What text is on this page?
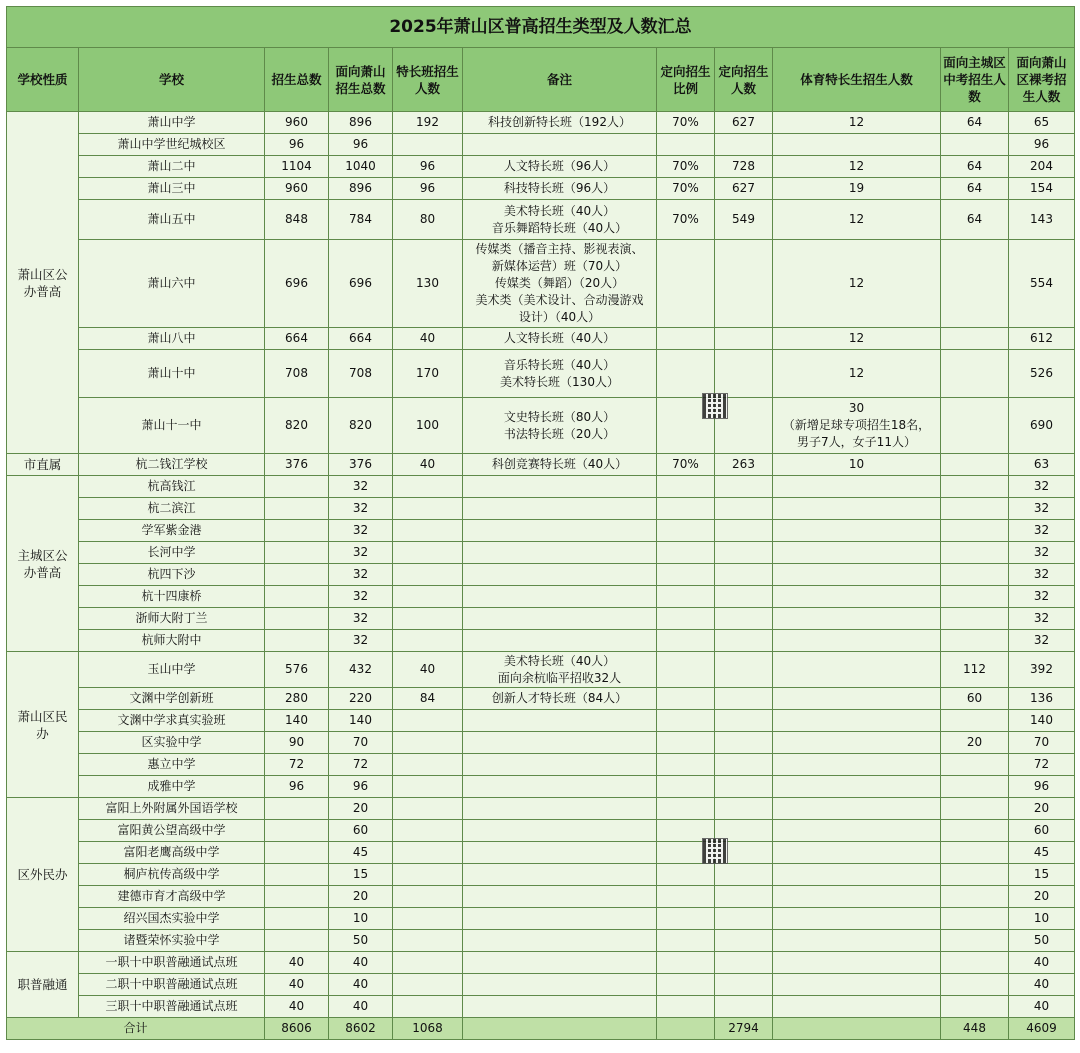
2025年萧山区普高招生类型及人数汇总										
学校性质	学校	招生总数	面向萧山招生总数	特长班招生人数	备注	定向招生比例	定向招生人数	体育特长生招生人数	面向主城区中考招生人数	面向萧山区裸考招生人数
萧山区公办普高	萧山中学	960	896	192	科技创新特长班（192人）	70%	627	12	64	65
	萧山中学世纪城校区	96	96							96
	萧山二中	1104	1040	96	人文特长班（96人）	70%	728	12	64	204
	萧山三中	960	896	96	科技特长班（96人）	70%	627	19	64	154
	萧山五中	848	784	80	美术特长班（40人）
音乐舞蹈特长班（40人）	70%	549	12	64	143
	萧山六中	696	696	130	传媒类（播音主持、影视表演、
新媒体运营）班（70人）
传媒类（舞蹈）（20人）
美术类（美术设计、合动漫游戏
设计）（40人）			12		554
	萧山八中	664	664	40	人文特长班（40人）			12		612
	萧山十中	708	708	170	音乐特长班（40人）
美术特长班（130人）			12		526
	萧山十一中	820	820	100	文史特长班（80人）
书法特长班（20人）			30
（新增足球专项招生18名，
男子7人，女子11人）		690
市直属	杭二钱江学校	376	376	40	科创竞赛特长班（40人）	70%	263	10		63
主城区公办普高	杭高钱江		32							32
	杭二滨江		32							32
	学军紫金港		32							32
	长河中学		32							32
	杭四下沙		32							32
	杭十四康桥		32							32
	浙师大附丁兰		32							32
	杭师大附中		32							32
萧山区民办	玉山中学	576	432	40	美术特长班（40人）
面向余杭临平招收32人				112	392
	文渊中学创新班	280	220	84	创新人才特长班（84人）				60	136
	文渊中学求真实验班	140	140							140
	区实验中学	90	70						20	70
	惠立中学	72	72							72
	成雅中学	96	96							96
区外民办	富阳上外附属外国语学校		20							20
	富阳黄公望高级中学		60							60
	富阳老鹰高级中学		45							45
	桐庐杭传高级中学		15							15
	建德市育才高级中学		20							20
	绍兴国杰实验中学		10							10
	诸暨荣怀实验中学		50							50
职普融通	一职十中职普融通试点班	40	40							40
	二职十中职普融通试点班	40	40							40
	三职十中职普融通试点班	40	40							40
合计		8606	8602	1068			2794		448	4609
